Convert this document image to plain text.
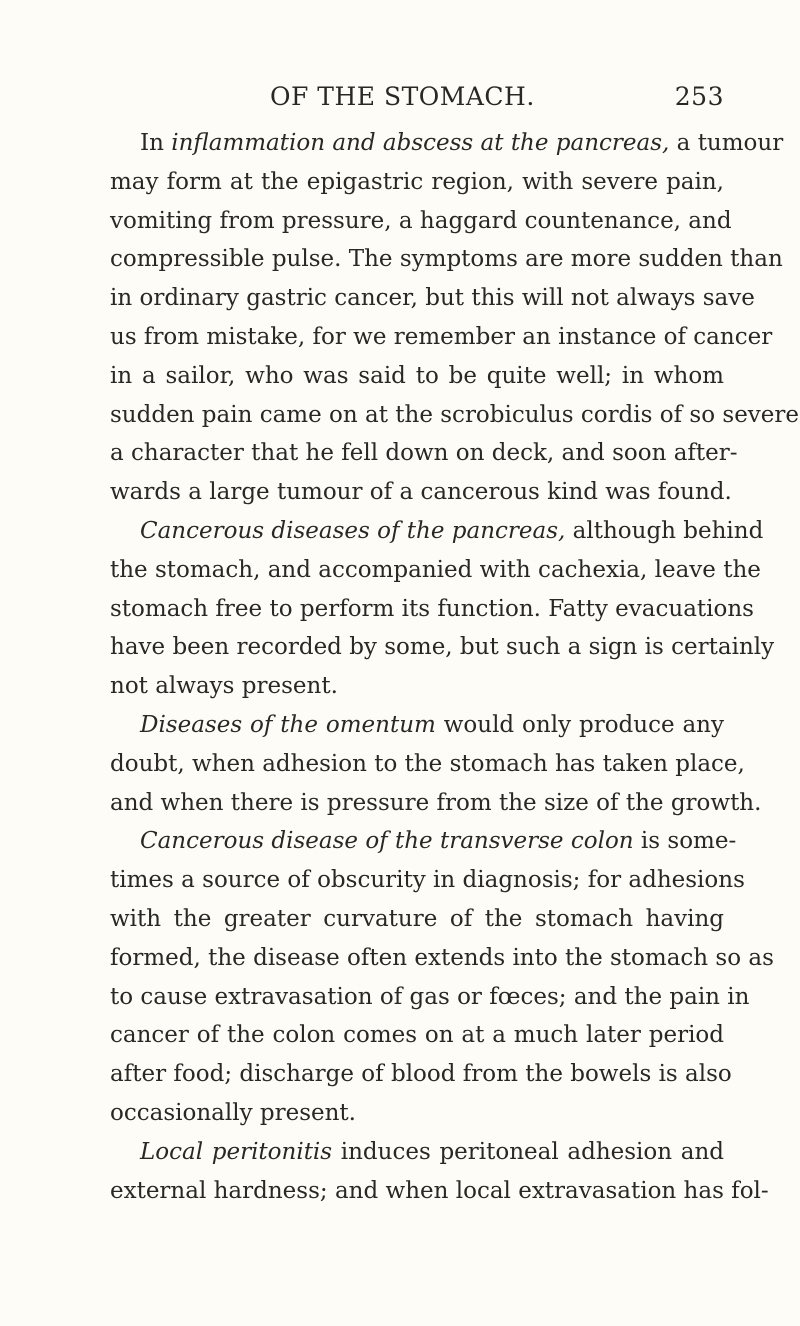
OF THE STOMACH.	253
In inflammation and abscess at the pancreas, a tumour
may form at the epigastric region, with severe pain,
vomiting from pressure, a haggard countenance, and
compressible pulse. The symptoms are more sudden than
in ordinary gastric cancer, but this will not always save
us from mistake, for we remember an instance of cancer
in a sailor, who was said to be quite well; in whom
sudden pain came on at the scrobiculus cordis of so severe
a character that he fell down on deck, and soon after-
wards a large tumour of a cancerous kind was found.
Cancerous diseases of the pancreas, although behind
the stomach, and accompanied with cachexia, leave the
stomach free to perform its function. Fatty evacuations
have been recorded by some, but such a sign is certainly
not always present.
Diseases of the omentum would only produce any
doubt, when adhesion to the stomach has taken place,
and when there is pressure from the size of the growth.
Cancerous disease of the transverse colon is some-
times a source of obscurity in diagnosis; for adhesions
with the greater curvature of the stomach having
formed, the disease often extends into the stomach so as
to cause extravasation of gas or fœces; and the pain in
cancer of the colon comes on at a much later period
after food; discharge of blood from the bowels is also
occasionally present.
Local peritonitis induces peritoneal adhesion and
external hardness; and when local extravasation has fol-
